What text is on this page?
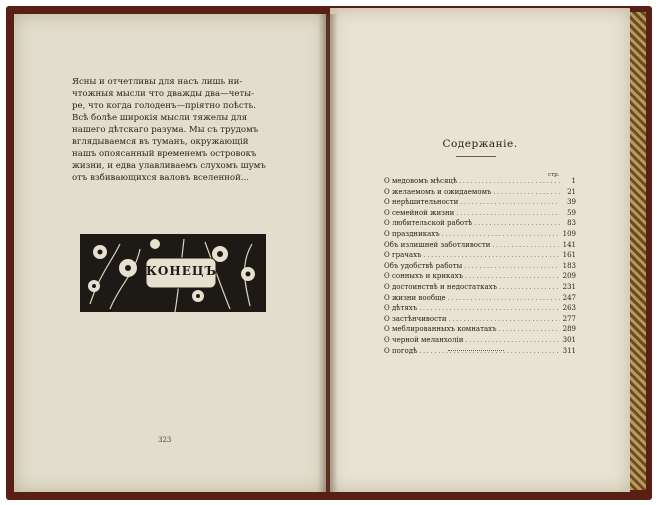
Ясны и отчетливы для насъ лишь ни-
чтожныя мысли что дважды два—четы-
ре, что когда голоденъ—пріятно поѣсть.
Всѣ болѣе широкія мысли тяжелы для
нашего дѣтскаго разума. Мы съ трудомъ
вглядываемся въ туманъ, окружающій
нашъ опоясанный временемъ островокъ
жизни, и едва улавливаемъ слухомъ шумъ
отъ взбивающихся валовъ вселенной...
КОНЕЦЪ
323
Содержаніе.
стр.
О медовомъ мѣсяцѣ . . .	1
О желаемомъ и ожидаемомъ . . .	21
О нерѣшительности . . .	39
О семейной жизни . . .	59
О любительской работѣ . . .	83
О праздникахъ . . .	109
Объ излишней заботливости . . .	141
О грачахъ . . .	161
Объ удобствѣ работы . . .	183
О сонныхъ и крикахъ . . .	209
О достоинствѣ и недостаткахъ . . .	231
О жизни вообще . . .	247
О дѣтяхъ . . .	263
О застѣнчивости . . .	277
О меблированныхъ комнатахъ . . .	289
О черной меланхоліи . . .	301
О погодѣ . . .	311
